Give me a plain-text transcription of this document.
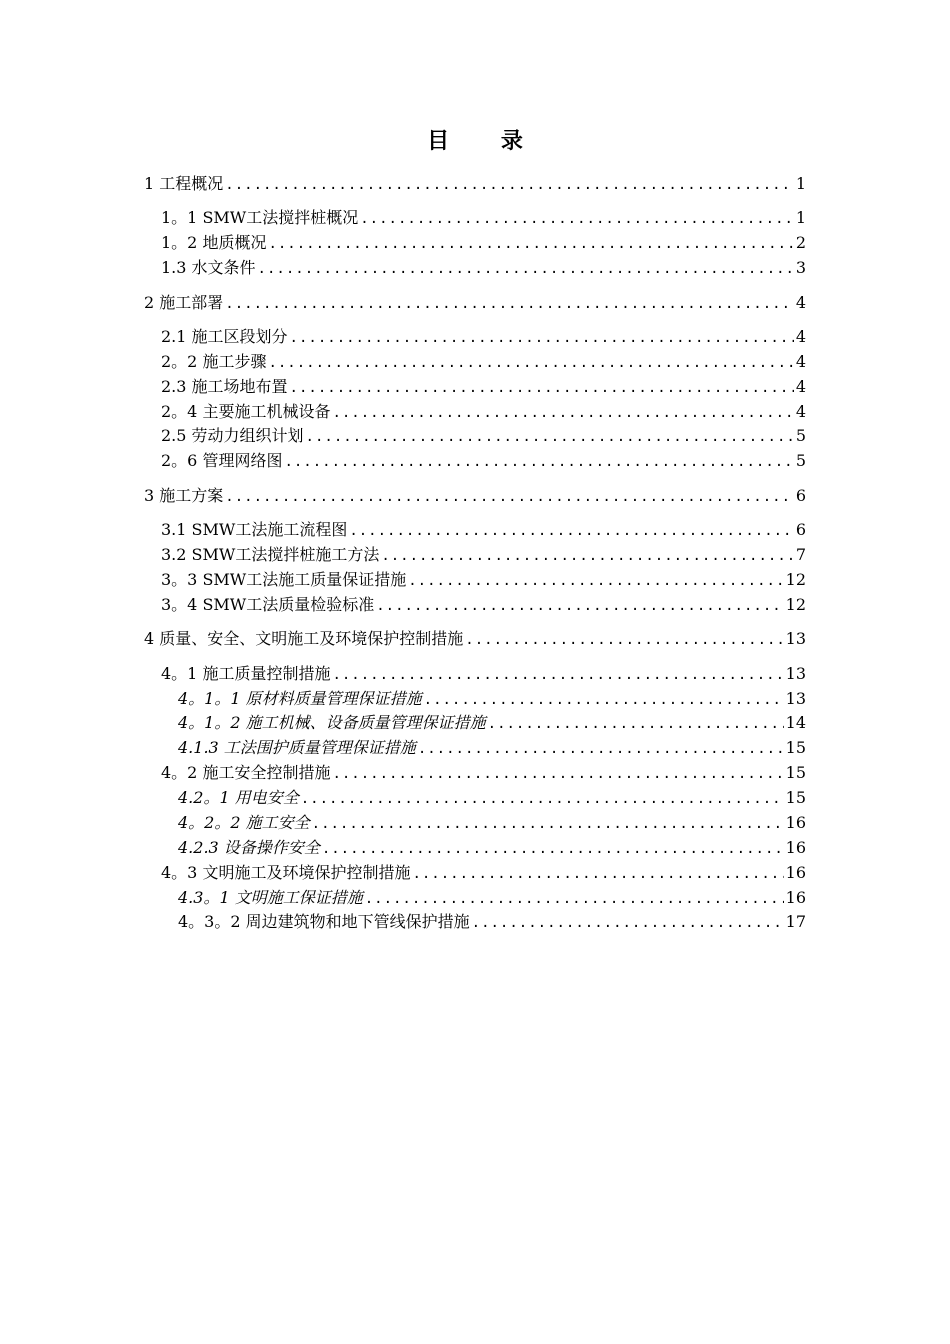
目 录
1 工程概况 .....	1
1。1 SMW工法搅拌桩概况 .....	1
1。2 地质概况 .....	2
1.3 水文条件 .....	3
2 施工部署 .....	4
2.1 施工区段划分 .....	4
2。2 施工步骤 .....	4
2.3 施工场地布置 .....	4
2。4 主要施工机械设备 .....	4
2.5 劳动力组织计划 .....	5
2。6 管理网络图 .....	5
3 施工方案 .....	6
3.1 SMW工法施工流程图 .....	6
3.2 SMW工法搅拌桩施工方法 .....	7
3。3 SMW工法施工质量保证措施 .....	12
3。4 SMW工法质量检验标准 .....	12
4 质量、安全、文明施工及环境保护控制措施 .....	13
4。1 施工质量控制措施 .....	13
4。1。1 原材料质量管理保证措施 .....	13
4。1。2 施工机械、设备质量管理保证措施 .....	14
4.1.3 工法围护质量管理保证措施 .....	15
4。2 施工安全控制措施 .....	15
4.2。1 用电安全 .....	15
4。2。2 施工安全 .....	16
4.2.3 设备操作安全 .....	16
4。3 文明施工及环境保护控制措施 .....	16
4.3。1 文明施工保证措施 .....	16
4。3。2 周边建筑物和地下管线保护措施 .....	17
